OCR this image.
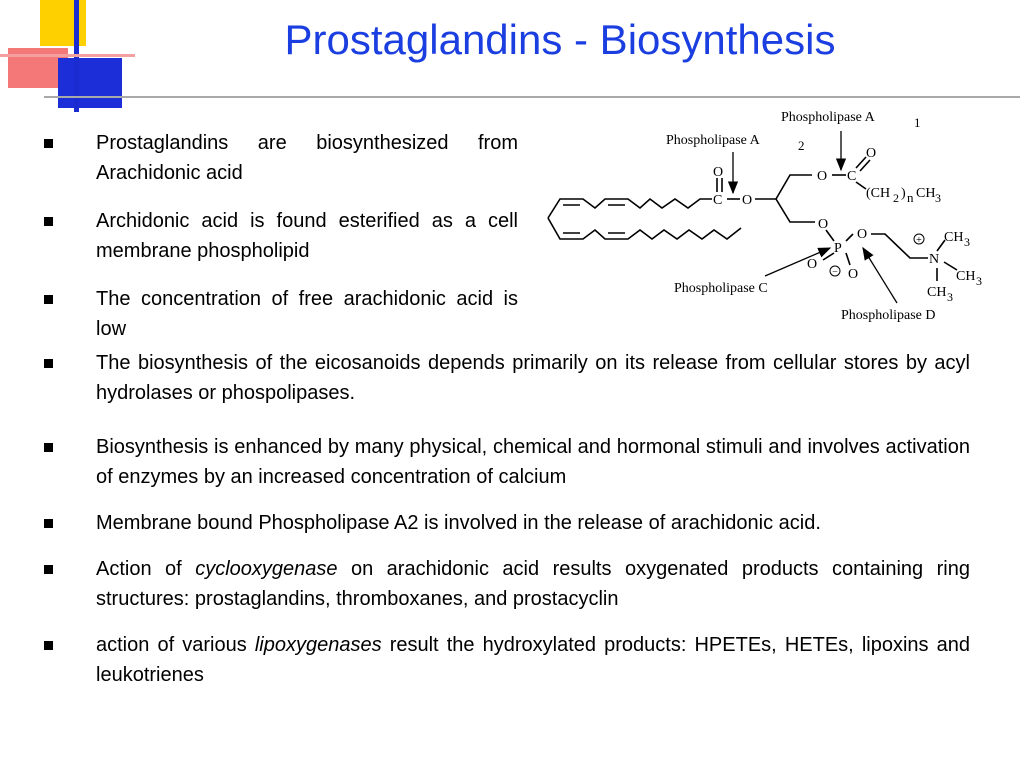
Prostaglandins - Biosynthesis
Prostaglandins are biosynthesized from Arachidonic acid
Archidonic acid is found esterified as a cell membrane phospholipid
The concentration of free arachidonic acid is low
The biosynthesis of the eicosanoids depends primarily on its release from cellular stores by acyl hydrolases or phospolipases.
Biosynthesis is enhanced by many physical, chemical and hormonal stimuli and involves activation of enzymes by an increased concentration of calcium
Membrane bound Phospholipase A2 is involved in the release of arachidonic acid.
Action of cyclooxygenase on arachidonic acid results oxygenated products containing ring structures: prostaglandins, thromboxanes, and prostacyclin
action of various lipoxygenases result the hydroxylated products: HPETEs, HETEs, lipoxins and leukotrienes
Phospholipase A	1
Phospholipase A	2
Phospholipase C
Phospholipase D
O
C O
O C
O
O
P
O
O
O
N
+
−
(CH 2 ) n CH 3
CH 3
CH 3
CH 3
